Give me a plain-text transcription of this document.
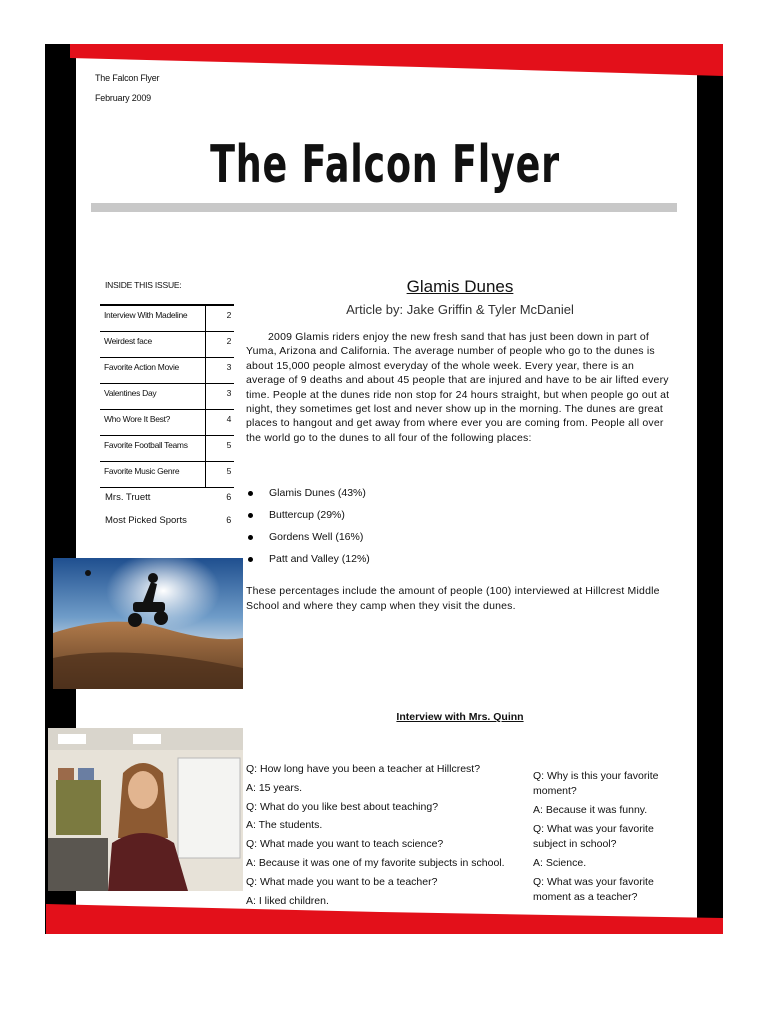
The Falcon Flyer
February 2009
The Falcon Flyer
INSIDE THIS ISSUE:
Interview With Madeline	2
Weirdest face	2
Favorite Action Movie	3
Valentines Day	3
Who Wore It Best?	4
Favorite Football Teams	5
Favorite Music Genre	5
Mrs. Truett	6
Most Picked Sports	6
Glamis Dunes
Article by: Jake Griffin & Tyler McDaniel

2009 Glamis riders enjoy the new fresh sand that has just been down in part of Yuma, Arizona and California. The average number of people who go to the dunes is about 15,000 people almost everyday of the whole week. Every year, there is an average of 9 deaths and about 45 people that are injured and have to be air lifted every time. People at the dunes ride non stop for 24 hours straight, but when people go out at night, they sometimes get lost and never show up in the morning. The dunes are great places to hangout and get away from where ever you are coming from. People all over the world go to the dunes to all four of the following places:

Glamis Dunes (43%)
Buttercup (29%)
Gordens Well (16%)
Patt and Valley (12%)
These percentages include the amount of people (100) interviewed at Hillcrest Middle School and where they camp when they visit the dunes.
Interview with Mrs. Quinn
Q: How long have you been a teacher at Hillcrest?
A: 15 years.
Q: What do you like best about teaching?
A: The students.
Q: What made you want to teach science?
A: Because it was one of my favorite subjects in school.
Q: What made you want to be a teacher?
A: I liked children.
Q: Why is this your favorite moment?
A: Because it was funny.
Q: What was your favorite subject in school?
A: Science.
Q: What was your favorite moment as a teacher?
